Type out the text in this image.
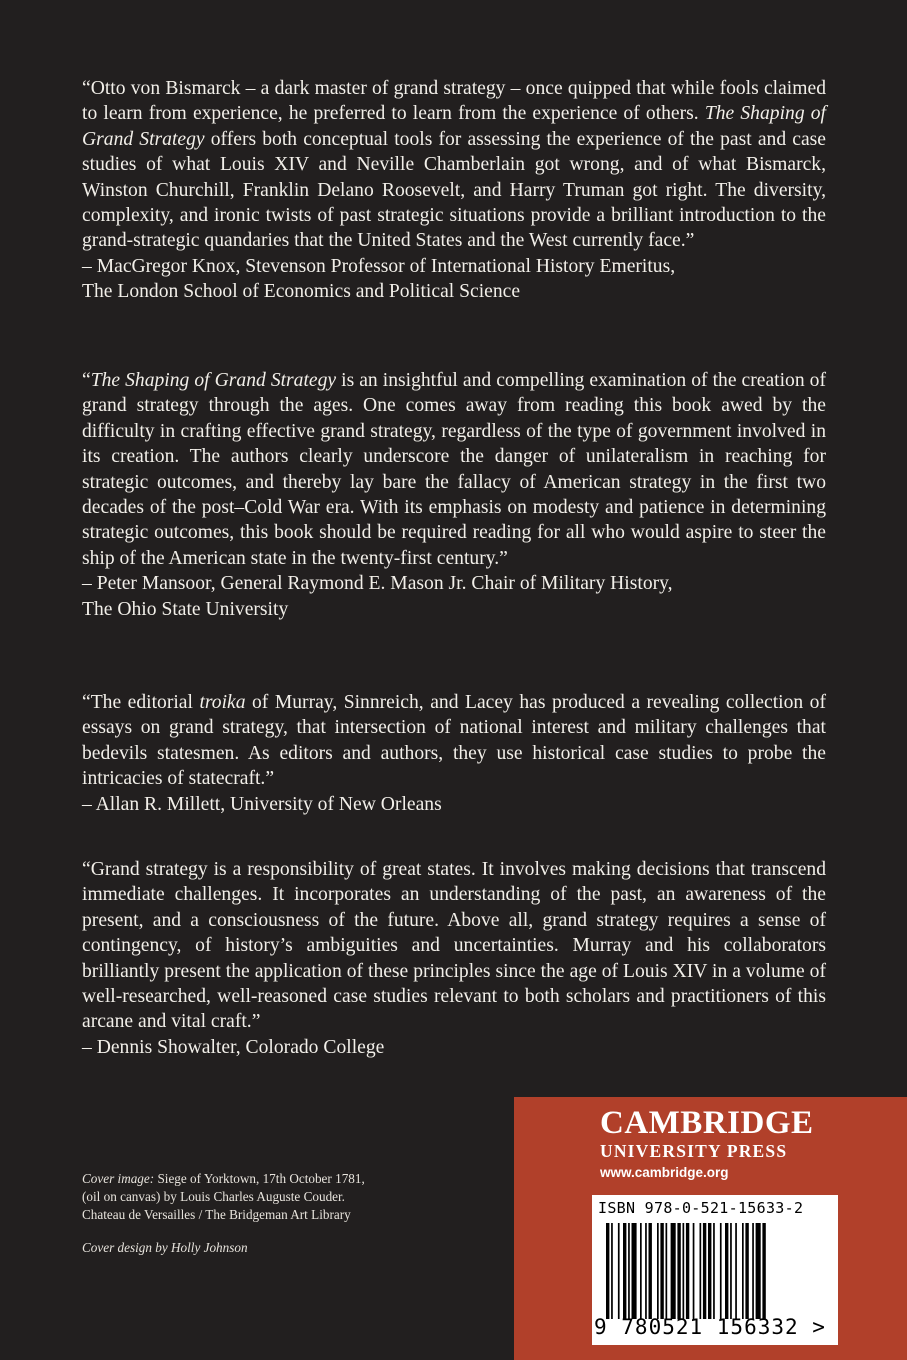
“Otto von Bismarck – a dark master of grand strategy – once quipped that while fools claimed to learn from experience, he preferred to learn from the experience of others. The Shaping of Grand Strategy offers both conceptual tools for assessing the experience of the past and case studies of what Louis XIV and Neville Chamberlain got wrong, and of what Bismarck, Winston Churchill, Franklin Delano Roosevelt, and Harry Truman got right. The diversity, complexity, and ironic twists of past strategic situations provide a brilliant introduction to the grand-strategic quandaries that the United States and the West currently face.”

– MacGregor Knox, Stevenson Professor of International History Emeritus,

The London School of Economics and Political Science

“The Shaping of Grand Strategy is an insightful and compelling examination of the creation of grand strategy through the ages. One comes away from reading this book awed by the difficulty in crafting effective grand strategy, regardless of the type of government involved in its creation. The authors clearly underscore the danger of unilateralism in reaching for strategic outcomes, and thereby lay bare the fallacy of American strategy in the first two decades of the post–Cold War era. With its emphasis on modesty and patience in determining strategic outcomes, this book should be required reading for all who would aspire to steer the ship of the American state in the twenty-first century.”

– Peter Mansoor, General Raymond E. Mason Jr. Chair of Military History,

The Ohio State University

“The editorial troika of Murray, Sinnreich, and Lacey has produced a revealing collection of essays on grand strategy, that intersection of national interest and military challenges that bedevils statesmen. As editors and authors, they use historical case studies to probe the intricacies of statecraft.”

– Allan R. Millett, University of New Orleans

“Grand strategy is a responsibility of great states. It involves making decisions that transcend immediate challenges. It incorporates an understanding of the past, an awareness of the present, and a consciousness of the future. Above all, grand strategy requires a sense of contingency, of history’s ambiguities and uncertainties. Murray and his collaborators brilliantly present the application of these principles since the age of Louis XIV in a volume of well-researched, well-reasoned case studies relevant to both scholars and practitioners of this arcane and vital craft.”

– Dennis Showalter, Colorado College

Cover image: Siege of Yorktown, 17th October 1781,

(oil on canvas) by Louis Charles Auguste Couder.

Chateau de Versailles / The Bridgeman Art Library

Cover design by Holly Johnson

CAMBRIDGE
UNIVERSITY PRESS
www.cambridge.org
ISBN 978-0-521-15633-2
9 780521 156332 >
